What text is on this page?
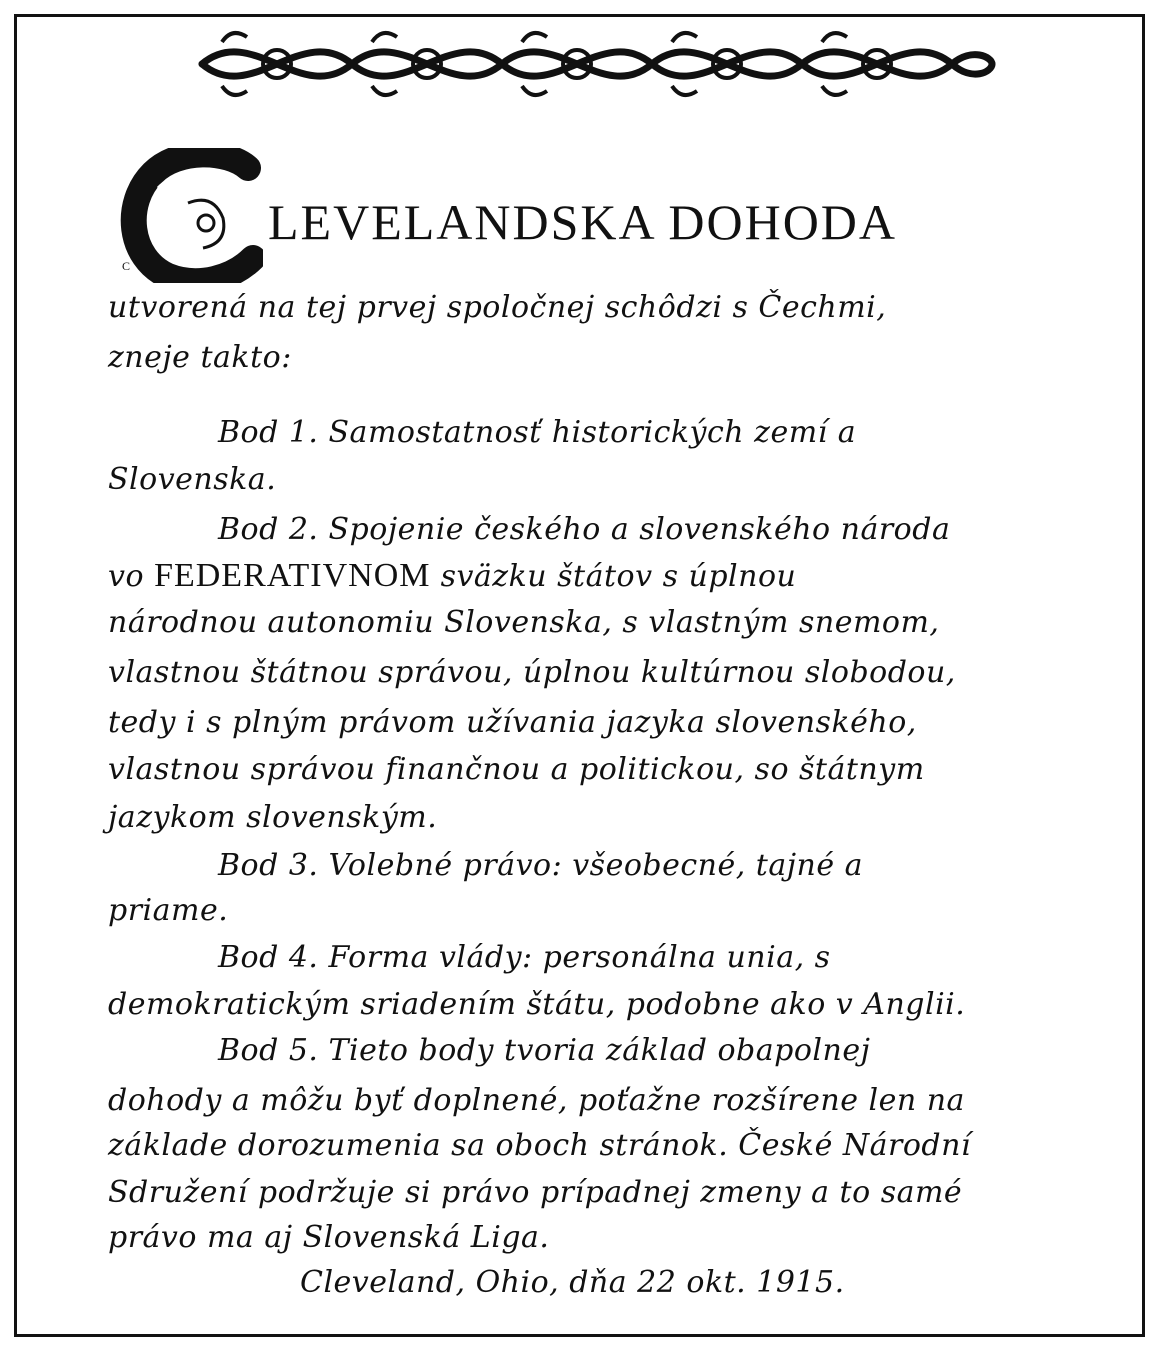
C
LEVELANDSKA DOHODA
utvorená na tej prvej spoločnej schôdzi s Čechmi,
zneje takto:
Bod 1. Samostatnosť historických zemí a
Slovenska.
Bod 2. Spojenie českého a slovenského národa
vo FEDERATIVNOM sväzku štátov s úplnou
národnou autonomiu Slovenska, s vlastným snemom,
vlastnou štátnou správou, úplnou kultúrnou slobodou,
tedy i s plným právom užívania jazyka slovenského,
vlastnou správou finančnou a politickou, so štátnym
jazykom slovenským.
Bod 3. Volebné právo: všeobecné, tajné a
priame.
Bod 4. Forma vlády: personálna unia, s
demokratickým sriadením štátu, podobne ako v Anglii.
Bod 5. Tieto body tvoria základ obapolnej
dohody a môžu byť doplnené, poťažne rozšírene len na
základe dorozumenia sa oboch stránok. České Národní
Sdružení podržuje si právo prípadnej zmeny a to samé
právo ma aj Slovenská Liga.
Cleveland, Ohio, dňa 22 okt. 1915.
